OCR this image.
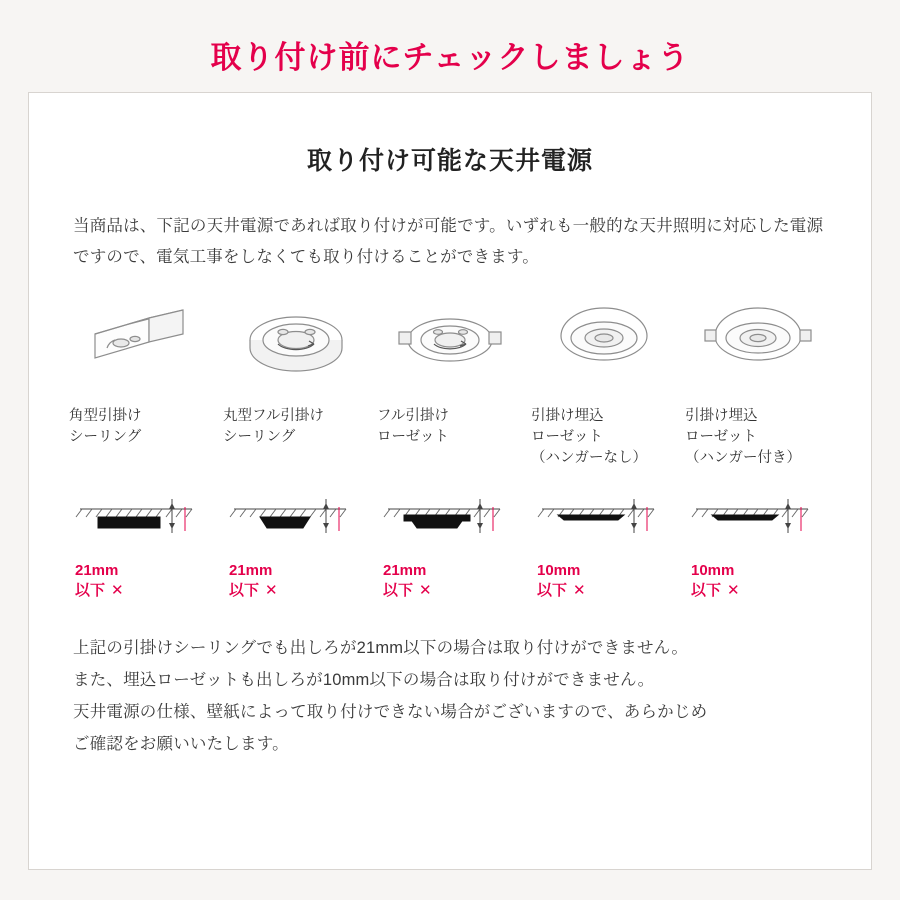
取り付け前にチェックしましょう
取り付け可能な天井電源

当商品は、下記の天井電源であれば取り付けが可能です。いずれも一般的な天井照明に対応した電源ですので、電気工事をしなくても取り付けることができます。

角型引掛け
シーリング
丸型フル引掛け
シーリング
フル引掛け
ローゼット
引掛け埋込
ローゼット
（ハンガーなし）
引掛け埋込
ローゼット
（ハンガー付き）
21mm
以下 ✕
21mm
以下 ✕
21mm
以下 ✕
10mm
以下 ✕
10mm
以下 ✕

上記の引掛けシーリングでも出しろが21mm以下の場合は取り付けができません。

また、埋込ローゼットも出しろが10mm以下の場合は取り付けができません。

天井電源の仕様、壁紙によって取り付けできない場合がございますので、あらかじめ

ご確認をお願いいたします。
